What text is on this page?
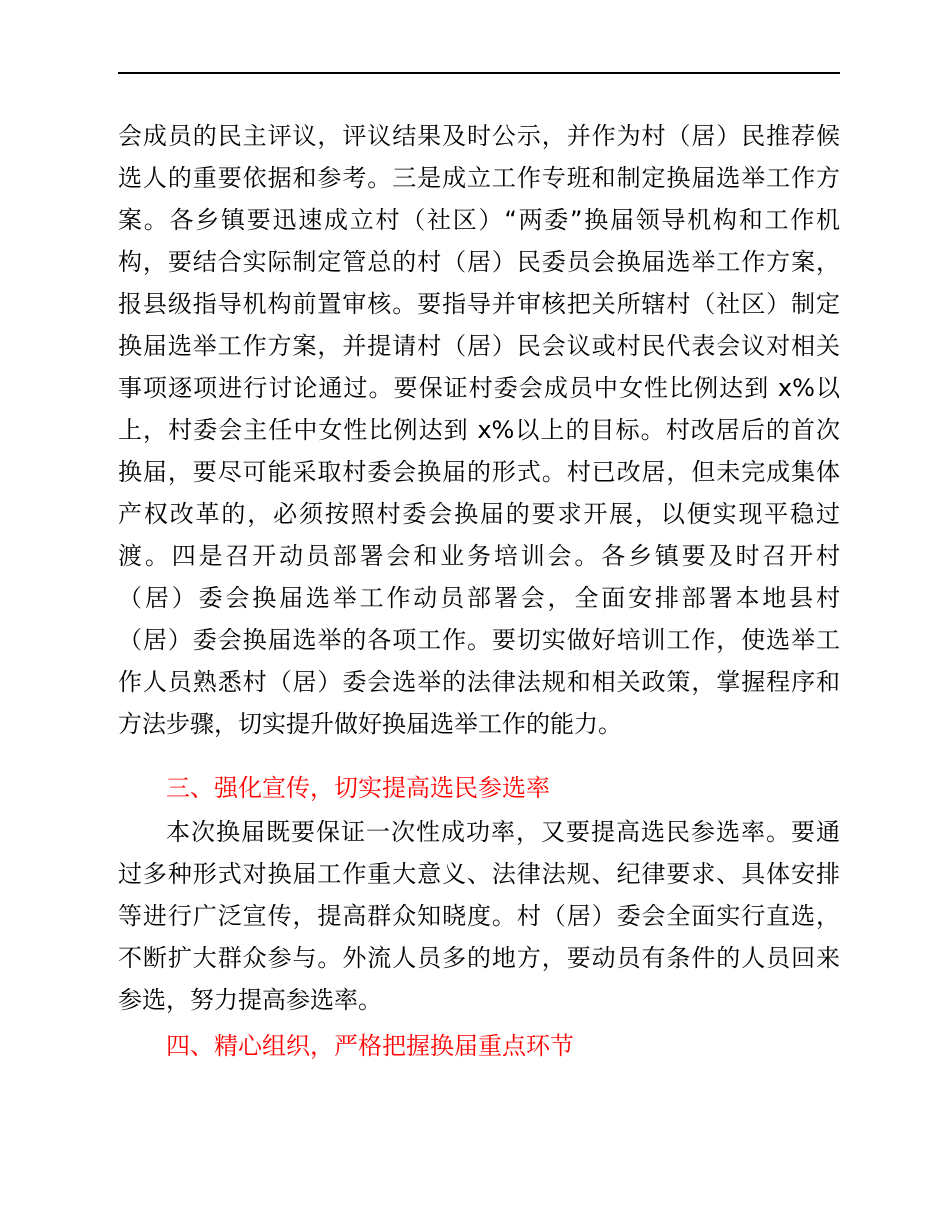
会成员的民主评议，评议结果及时公示，并作为村（居）民推荐候
选人的重要依据和参考。三是成立工作专班和制定换届选举工作方
案。各乡镇要迅速成立村（社区）“两委”换届领导机构和工作机
构，要结合实际制定管总的村（居）民委员会换届选举工作方案，
报县级指导机构前置审核。要指导并审核把关所辖村（社区）制定
换届选举工作方案，并提请村（居）民会议或村民代表会议对相关
事项逐项进行讨论通过。要保证村委会成员中女性比例达到 x%以
上，村委会主任中女性比例达到 x%以上的目标。村改居后的首次
换届，要尽可能采取村委会换届的形式。村已改居，但未完成集体
产权改革的，必须按照村委会换届的要求开展，以便实现平稳过
渡。四是召开动员部署会和业务培训会。各乡镇要及时召开村
（居）委会换届选举工作动员部署会，全面安排部署本地县村
（居）委会换届选举的各项工作。要切实做好培训工作，使选举工
作人员熟悉村（居）委会选举的法律法规和相关政策，掌握程序和
方法步骤，切实提升做好换届选举工作的能力。
三、强化宣传，切实提高选民参选率
本次换届既要保证一次性成功率，又要提高选民参选率。要通
过多种形式对换届工作重大意义、法律法规、纪律要求、具体安排
等进行广泛宣传，提高群众知晓度。村（居）委会全面实行直选，
不断扩大群众参与。外流人员多的地方，要动员有条件的人员回来
参选，努力提高参选率。
四、精心组织，严格把握换届重点环节
